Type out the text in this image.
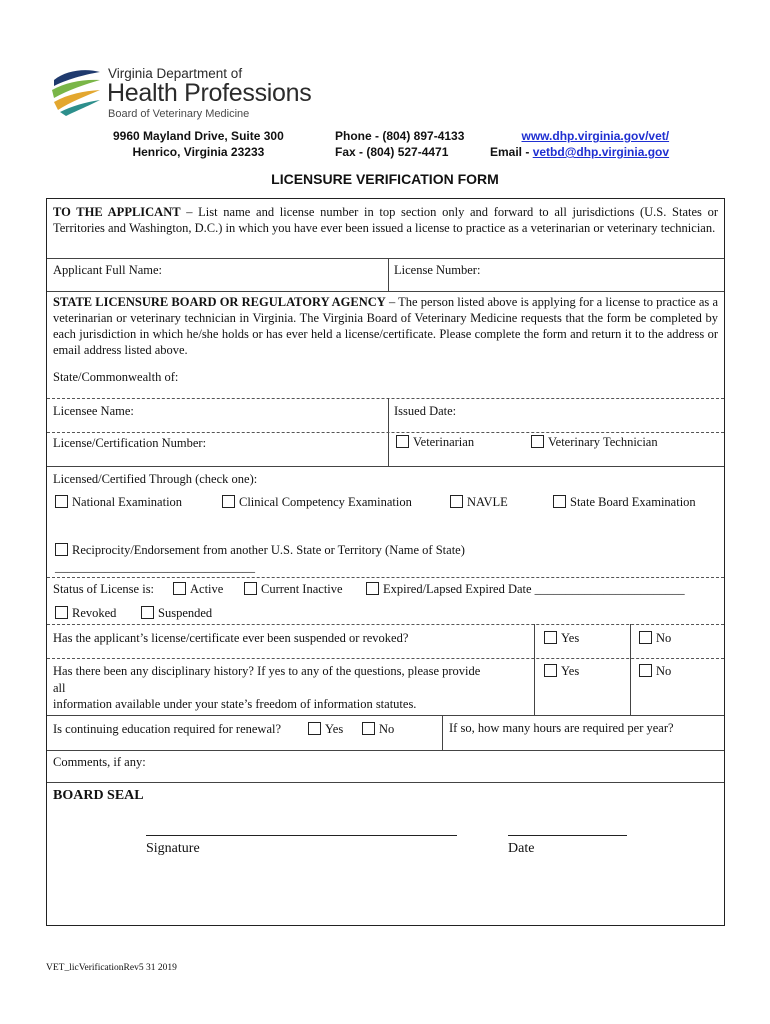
Virginia Department of
Health Professions
Board of Veterinary Medicine
9960 Mayland Drive, Suite 300
Henrico, Virginia 23233
Phone - (804) 897-4133
Fax - (804) 527-4471
www.dhp.virginia.gov/vet/
Email - vetbd@dhp.virginia.gov
LICENSURE VERIFICATION FORM
TO THE APPLICANT – List name and license number in top section only and forward to all jurisdictions (U.S. States or Territories and Washington, D.C.) in which you have ever been issued a license to practice as a veterinarian or veterinary technician.
Applicant Full Name:	License Number:
STATE LICENSURE BOARD OR REGULATORY AGENCY – The person listed above is applying for a license to practice as a veterinarian or veterinary technician in Virginia. The Virginia Board of Veterinary Medicine requests that the form be completed by each jurisdiction in which he/she holds or has ever held a license/certificate. Please complete the form and return it to the address or email address listed above.
State/Commonwealth of:
Licensee Name:	Issued Date:
License/Certification Number:	Veterinarian	Veterinary Technician
Licensed/Certified Through (check one):
National Examination	Clinical Competency Examination	NAVLE	State Board Examination
Reciprocity/Endorsement from another U.S. State or Territory (Name of State)
________________________________
Status of License is:	Active	Current Inactive	Expired/Lapsed Expired Date ________________________
Revoked	Suspended
Has the applicant’s license/certificate ever been suspended or revoked?	Yes	No
Has there been any disciplinary history? If yes to any of the questions, please provide
all
information available under your state’s freedom of information statutes.
Yes	No
Is continuing education required for renewal?	Yes	No	If so, how many hours are required per year?
Comments, if any:
BOARD SEAL
Signature	Date
VET_licVerificationRev5 31 2019
